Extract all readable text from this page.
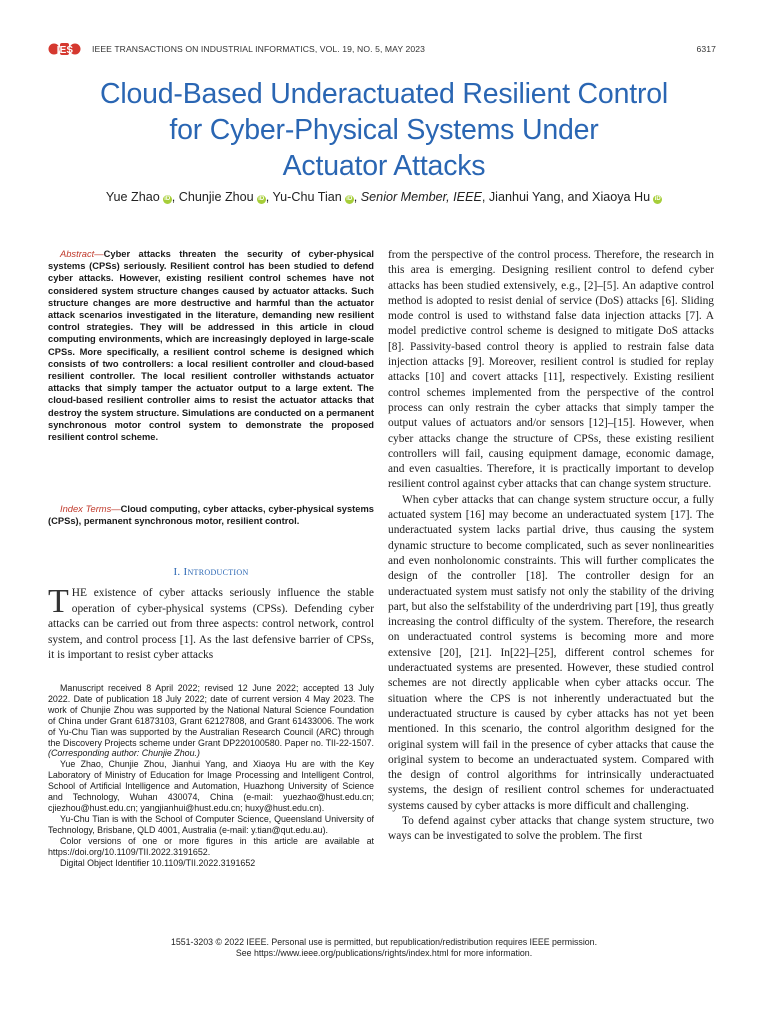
IES IEEE TRANSACTIONS ON INDUSTRIAL INFORMATICS, VOL. 19, NO. 5, MAY 2023	6317
Cloud-Based Underactuated Resilient Control
for Cyber-Physical Systems Under
Actuator Attacks
Yue Zhao iD , Chunjie Zhou iD , Yu-Chu Tian iD , Senior Member, IEEE, Jianhui Yang, and Xiaoya Hu iD
Abstract—Cyber attacks threaten the security of cyber-physical systems (CPSs) seriously. Resilient control has been studied to defend cyber attacks. However, existing resilient control schemes have not considered system structure changes caused by actuator attacks. Such structure changes are more destructive and harmful than the actuator attack scenarios investigated in the literature, demanding new resilient control strategies. They will be addressed in this article in cloud computing environments, which are increasingly deployed in large-scale CPSs. More specifically, a resilient control scheme is designed which consists of two controllers: a local resilient controller and cloud-based resilient controller. The local resilient controller withstands actuator attacks that simply tamper the actuator output to a large extent. The cloud-based resilient controller aims to resist the actuator attacks that destroy the system structure. Simulations are conducted on a permanent synchronous motor control system to demonstrate the proposed resilient control scheme.
Index Terms—Cloud computing, cyber attacks, cyber-physical systems (CPSs), permanent synchronous motor, resilient control.
I. Introduction
THE existence of cyber attacks seriously influence the stable operation of cyber-physical systems (CPSs). Defending cyber attacks can be carried out from three aspects: control network, control system, and control process [1]. As the last defensive barrier of CPSs, it is important to resist cyber attacks

Manuscript received 8 April 2022; revised 12 June 2022; accepted 13 July 2022. Date of publication 18 July 2022; date of current version 4 May 2023. The work of Chunjie Zhou was supported by the National Natural Science Foundation of China under Grant 61873103, Grant 62127808, and Grant 61433006. The work of Yu-Chu Tian was supported by the Australian Research Council (ARC) through the Discovery Projects scheme under Grant DP220100580. Paper no. TII-22-1507. (Corresponding author: Chunjie Zhou.)

Yue Zhao, Chunjie Zhou, Jianhui Yang, and Xiaoya Hu are with the Key Laboratory of Ministry of Education for Image Processing and Intelligent Control, School of Artificial Intelligence and Automation, Huazhong University of Science and Technology, Wuhan 430074, China (e-mail: yuezhao@hust.edu.cn; cjiezhou@hust.edu.cn; yangjianhui@hust.edu.cn; huxy@hust.edu.cn).

Yu-Chu Tian is with the School of Computer Science, Queensland University of Technology, Brisbane, QLD 4001, Australia (e-mail: y.tian@qut.edu.au).

Color versions of one or more figures in this article are available at https://doi.org/10.1109/TII.2022.3191652.

Digital Object Identifier 10.1109/TII.2022.3191652

from the perspective of the control process. Therefore, the research in this area is emerging. Designing resilient control to defend cyber attacks has been studied extensively, e.g., [2]–[5]. An adaptive control method is adopted to resist denial of service (DoS) attacks [6]. Sliding mode control is used to withstand false data injection attacks [7]. A model predictive control scheme is designed to mitigate DoS attacks [8]. Passivity-based control theory is applied to restrain false data injection attacks [9]. Moreover, resilient control is studied for replay attacks [10] and covert attacks [11], respectively. Existing resilient control schemes implemented from the perspective of the control process can only restrain the cyber attacks that simply tamper the output values of actuators and/or sensors [12]–[15]. However, when cyber attacks change the structure of CPSs, these existing resilient controllers will fail, causing equipment damage, economic damage, and even casualties. Therefore, it is practically important to develop resilient control against cyber attacks that can change system structure.

When cyber attacks that can change system structure occur, a fully actuated system [16] may become an underactuated system [17]. The underactuated system lacks partial drive, thus causing the system dynamic structure to become complicated, such as sever nonlinearities and even nonholonomic constraints. This will further complicates the design of the controller [18]. The controller design for an underactuated system must satisfy not only the stability of the driving part, but also the selfstability of the underdriving part [19], thus greatly increasing the control difficulty of the system. Therefore, the research on underactuated control systems is becoming more and more extensive [20], [21]. In[22]–[25], different control schemes for underactuated systems are presented. However, these studied control schemes are not directly applicable when cyber attacks occur. The situation where the CPS is not inherently underactuated but the underactuated structure is caused by cyber attacks has not yet been mentioned. In this scenario, the control algorithm designed for the original system will fail in the presence of cyber attacks that cause the original system to become an underactuated system. Compared with the design of control algorithms for intrinsically underactuated systems, the design of resilient control schemes for underactuated systems caused by cyber attacks is more difficult and challenging.

To defend against cyber attacks that change system structure, two ways can be investigated to solve the problem. The first

1551-3203 © 2022 IEEE. Personal use is permitted, but republication/redistribution requires IEEE permission.
See https://www.ieee.org/publications/rights/index.html for more information.
